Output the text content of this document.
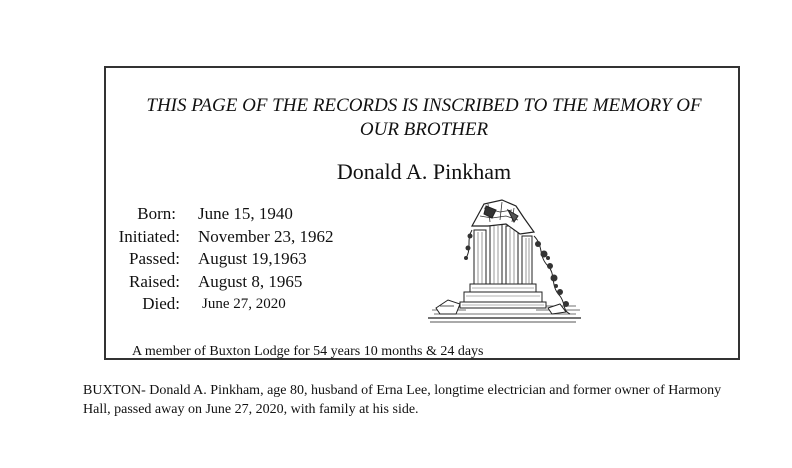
THIS PAGE OF THE RECORDS IS INSCRIBED TO THE MEMORY OF
OUR BROTHER
Donald A. Pinkham
Born: June 15, 1940
Initiated: November 23, 1962
Passed: August 19,1963
Raised: August 8, 1965
Died: June 27, 2020
A member of Buxton Lodge for 54 years 10 months & 24 days
BUXTON- Donald A. Pinkham, age 80, husband of Erna Lee, longtime electrician and former owner of Harmony Hall, passed away on June 27, 2020, with family at his side.
